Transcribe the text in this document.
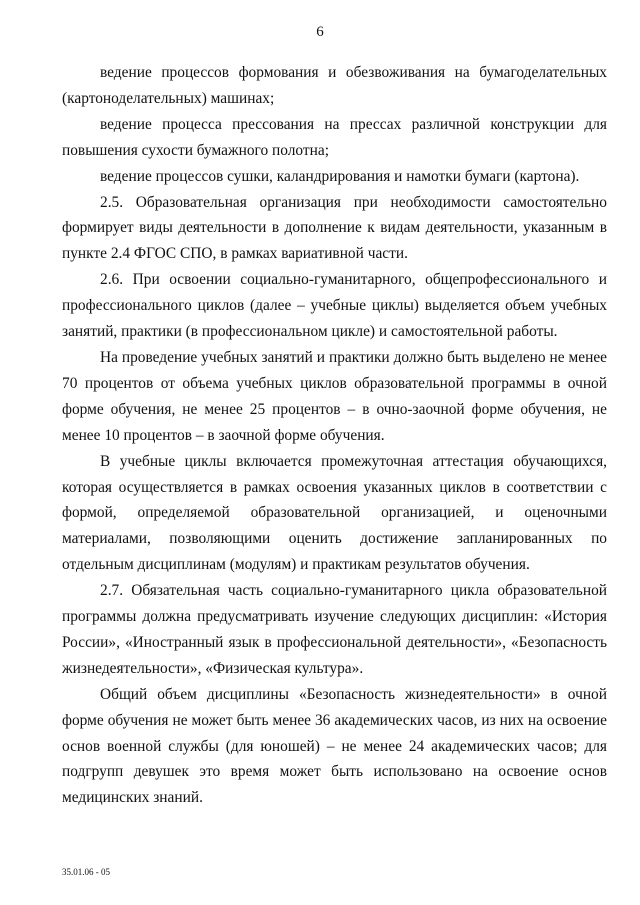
6

ведение процессов формования и обезвоживания на бумагоделательных (картоноделательных) машинах;

ведение процесса прессования на прессах различной конструкции для повышения сухости бумажного полотна;

ведение процессов сушки, каландрирования и намотки бумаги (картона).

2.5. Образовательная организация при необходимости самостоятельно формирует виды деятельности в дополнение к видам деятельности, указанным в пункте 2.4 ФГОС СПО, в рамках вариативной части.

2.6. При освоении социально-гуманитарного, общепрофессионального и профессионального циклов (далее – учебные циклы) выделяется объем учебных занятий, практики (в профессиональном цикле) и самостоятельной работы.

На проведение учебных занятий и практики должно быть выделено не менее 70 процентов от объема учебных циклов образовательной программы в очной форме обучения, не менее 25 процентов – в очно-заочной форме обучения, не менее 10 процентов – в заочной форме обучения.

В учебные циклы включается промежуточная аттестация обучающихся, которая осуществляется в рамках освоения указанных циклов в соответствии с формой, определяемой образовательной организацией, и оценочными материалами, позволяющими оценить достижение запланированных по отдельным дисциплинам (модулям) и практикам результатов обучения.

2.7. Обязательная часть социально-гуманитарного цикла образовательной программы должна предусматривать изучение следующих дисциплин: «История России», «Иностранный язык в профессиональной деятельности», «Безопасность жизнедеятельности», «Физическая культура».

Общий объем дисциплины «Безопасность жизнедеятельности» в очной форме обучения не может быть менее 36 академических часов, из них на освоение основ военной службы (для юношей) – не менее 24 академических часов; для подгрупп девушек это время может быть использовано на освоение основ медицинских знаний.

35.01.06 - 05
